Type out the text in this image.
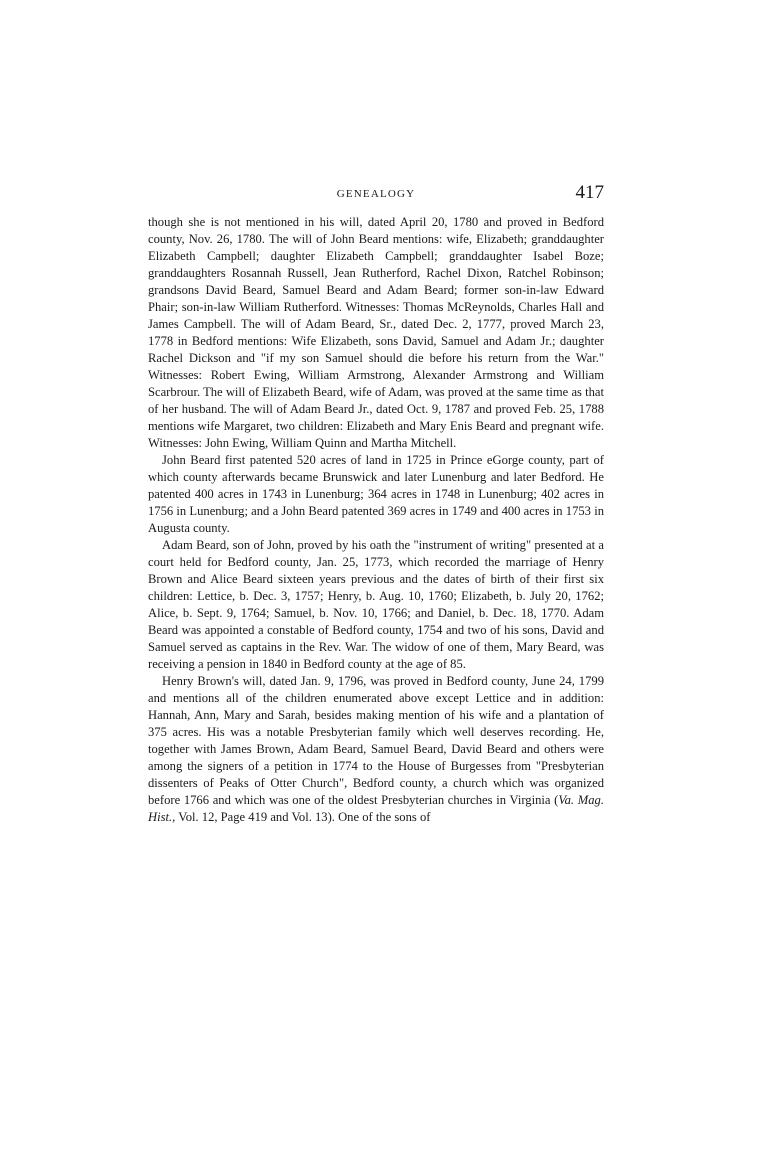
GENEALOGY	417

though she is not mentioned in his will, dated April 20, 1780 and proved in Bedford county, Nov. 26, 1780. The will of John Beard mentions: wife, Elizabeth; granddaughter Elizabeth Campbell; daughter Elizabeth Campbell; granddaughter Isabel Boze; granddaughters Rosannah Russell, Jean Rutherford, Rachel Dixon, Ratchel Robinson; grandsons David Beard, Samuel Beard and Adam Beard; former son-in-law Edward Phair; son-in-law William Rutherford. Witnesses: Thomas McReynolds, Charles Hall and James Campbell. The will of Adam Beard, Sr., dated Dec. 2, 1777, proved March 23, 1778 in Bedford mentions: Wife Elizabeth, sons David, Samuel and Adam Jr.; daughter Rachel Dickson and "if my son Samuel should die before his return from the War." Witnesses: Robert Ewing, William Armstrong, Alexander Armstrong and William Scarbrour. The will of Elizabeth Beard, wife of Adam, was proved at the same time as that of her husband. The will of Adam Beard Jr., dated Oct. 9, 1787 and proved Feb. 25, 1788 mentions wife Margaret, two children: Elizabeth and Mary Enis Beard and pregnant wife. Witnesses: John Ewing, William Quinn and Martha Mitchell.

John Beard first patented 520 acres of land in 1725 in Prince eGorge county, part of which county afterwards became Brunswick and later Lunenburg and later Bedford. He patented 400 acres in 1743 in Lunenburg; 364 acres in 1748 in Lunenburg; 402 acres in 1756 in Lunenburg; and a John Beard patented 369 acres in 1749 and 400 acres in 1753 in Augusta county.

Adam Beard, son of John, proved by his oath the "instrument of writing" presented at a court held for Bedford county, Jan. 25, 1773, which recorded the marriage of Henry Brown and Alice Beard sixteen years previous and the dates of birth of their first six children: Lettice, b. Dec. 3, 1757; Henry, b. Aug. 10, 1760; Elizabeth, b. July 20, 1762; Alice, b. Sept. 9, 1764; Samuel, b. Nov. 10, 1766; and Daniel, b. Dec. 18, 1770. Adam Beard was appointed a constable of Bedford county, 1754 and two of his sons, David and Samuel served as captains in the Rev. War. The widow of one of them, Mary Beard, was receiving a pension in 1840 in Bedford county at the age of 85.

Henry Brown's will, dated Jan. 9, 1796, was proved in Bedford county, June 24, 1799 and mentions all of the children enumerated above except Lettice and in addition: Hannah, Ann, Mary and Sarah, besides making mention of his wife and a plantation of 375 acres. His was a notable Presbyterian family which well deserves recording. He, together with James Brown, Adam Beard, Samuel Beard, David Beard and others were among the signers of a petition in 1774 to the House of Burgesses from "Presbyterian dissenters of Peaks of Otter Church", Bedford county, a church which was organized before 1766 and which was one of the oldest Presbyterian churches in Virginia (Va. Mag. Hist., Vol. 12, Page 419 and Vol. 13). One of the sons of
